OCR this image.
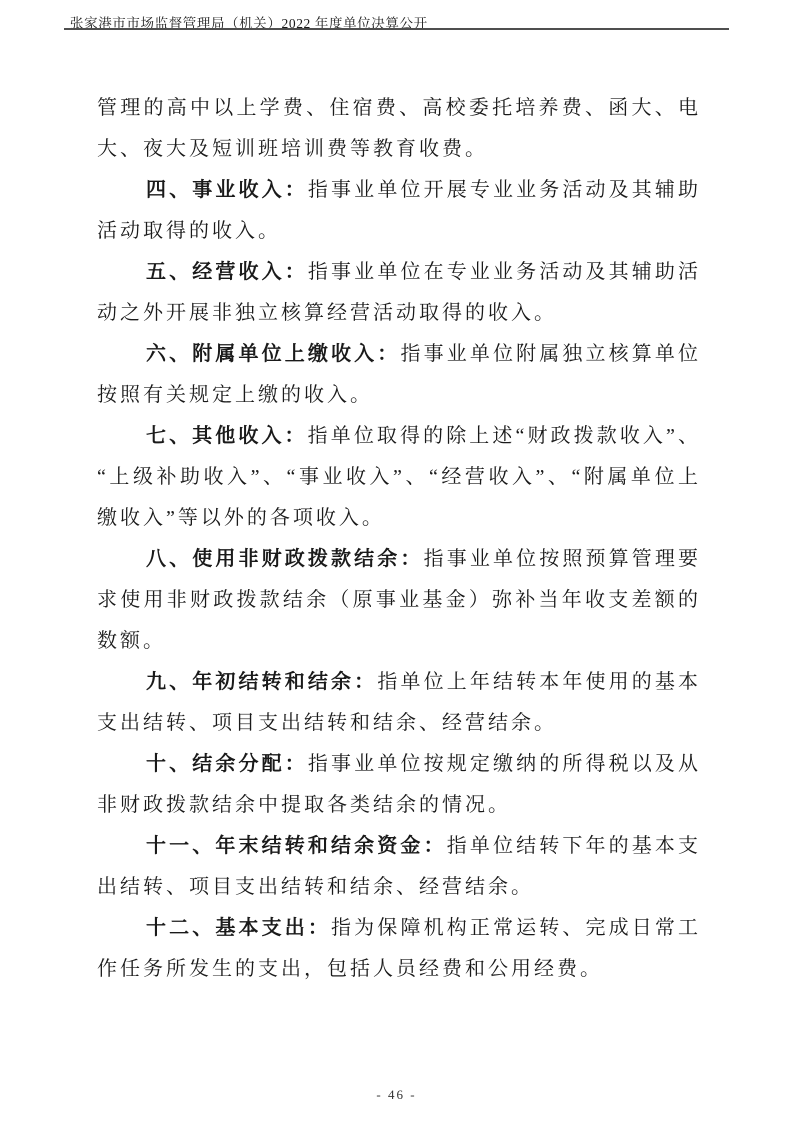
张家港市市场监督管理局（机关）2022 年度单位决算公开

管理的高中以上学费、住宿费、高校委托培养费、函大、电大、夜大及短训班培训费等教育收费。

四、事业收入：指事业单位开展专业业务活动及其辅助活动取得的收入。

五、经营收入：指事业单位在专业业务活动及其辅助活动之外开展非独立核算经营活动取得的收入。

六、附属单位上缴收入：指事业单位附属独立核算单位按照有关规定上缴的收入。

七、其他收入：指单位取得的除上述“财政拨款收入”、“上级补助收入”、“事业收入”、“经营收入”、“附属单位上缴收入”等以外的各项收入。

八、使用非财政拨款结余：指事业单位按照预算管理要求使用非财政拨款结余（原事业基金）弥补当年收支差额的数额。

九、年初结转和结余：指单位上年结转本年使用的基本支出结转、项目支出结转和结余、经营结余。

十、结余分配：指事业单位按规定缴纳的所得税以及从非财政拨款结余中提取各类结余的情况。

十一、年末结转和结余资金：指单位结转下年的基本支出结转、项目支出结转和结余、经营结余。

十二、基本支出：指为保障机构正常运转、完成日常工作任务所发生的支出，包括人员经费和公用经费。

- 46 -
